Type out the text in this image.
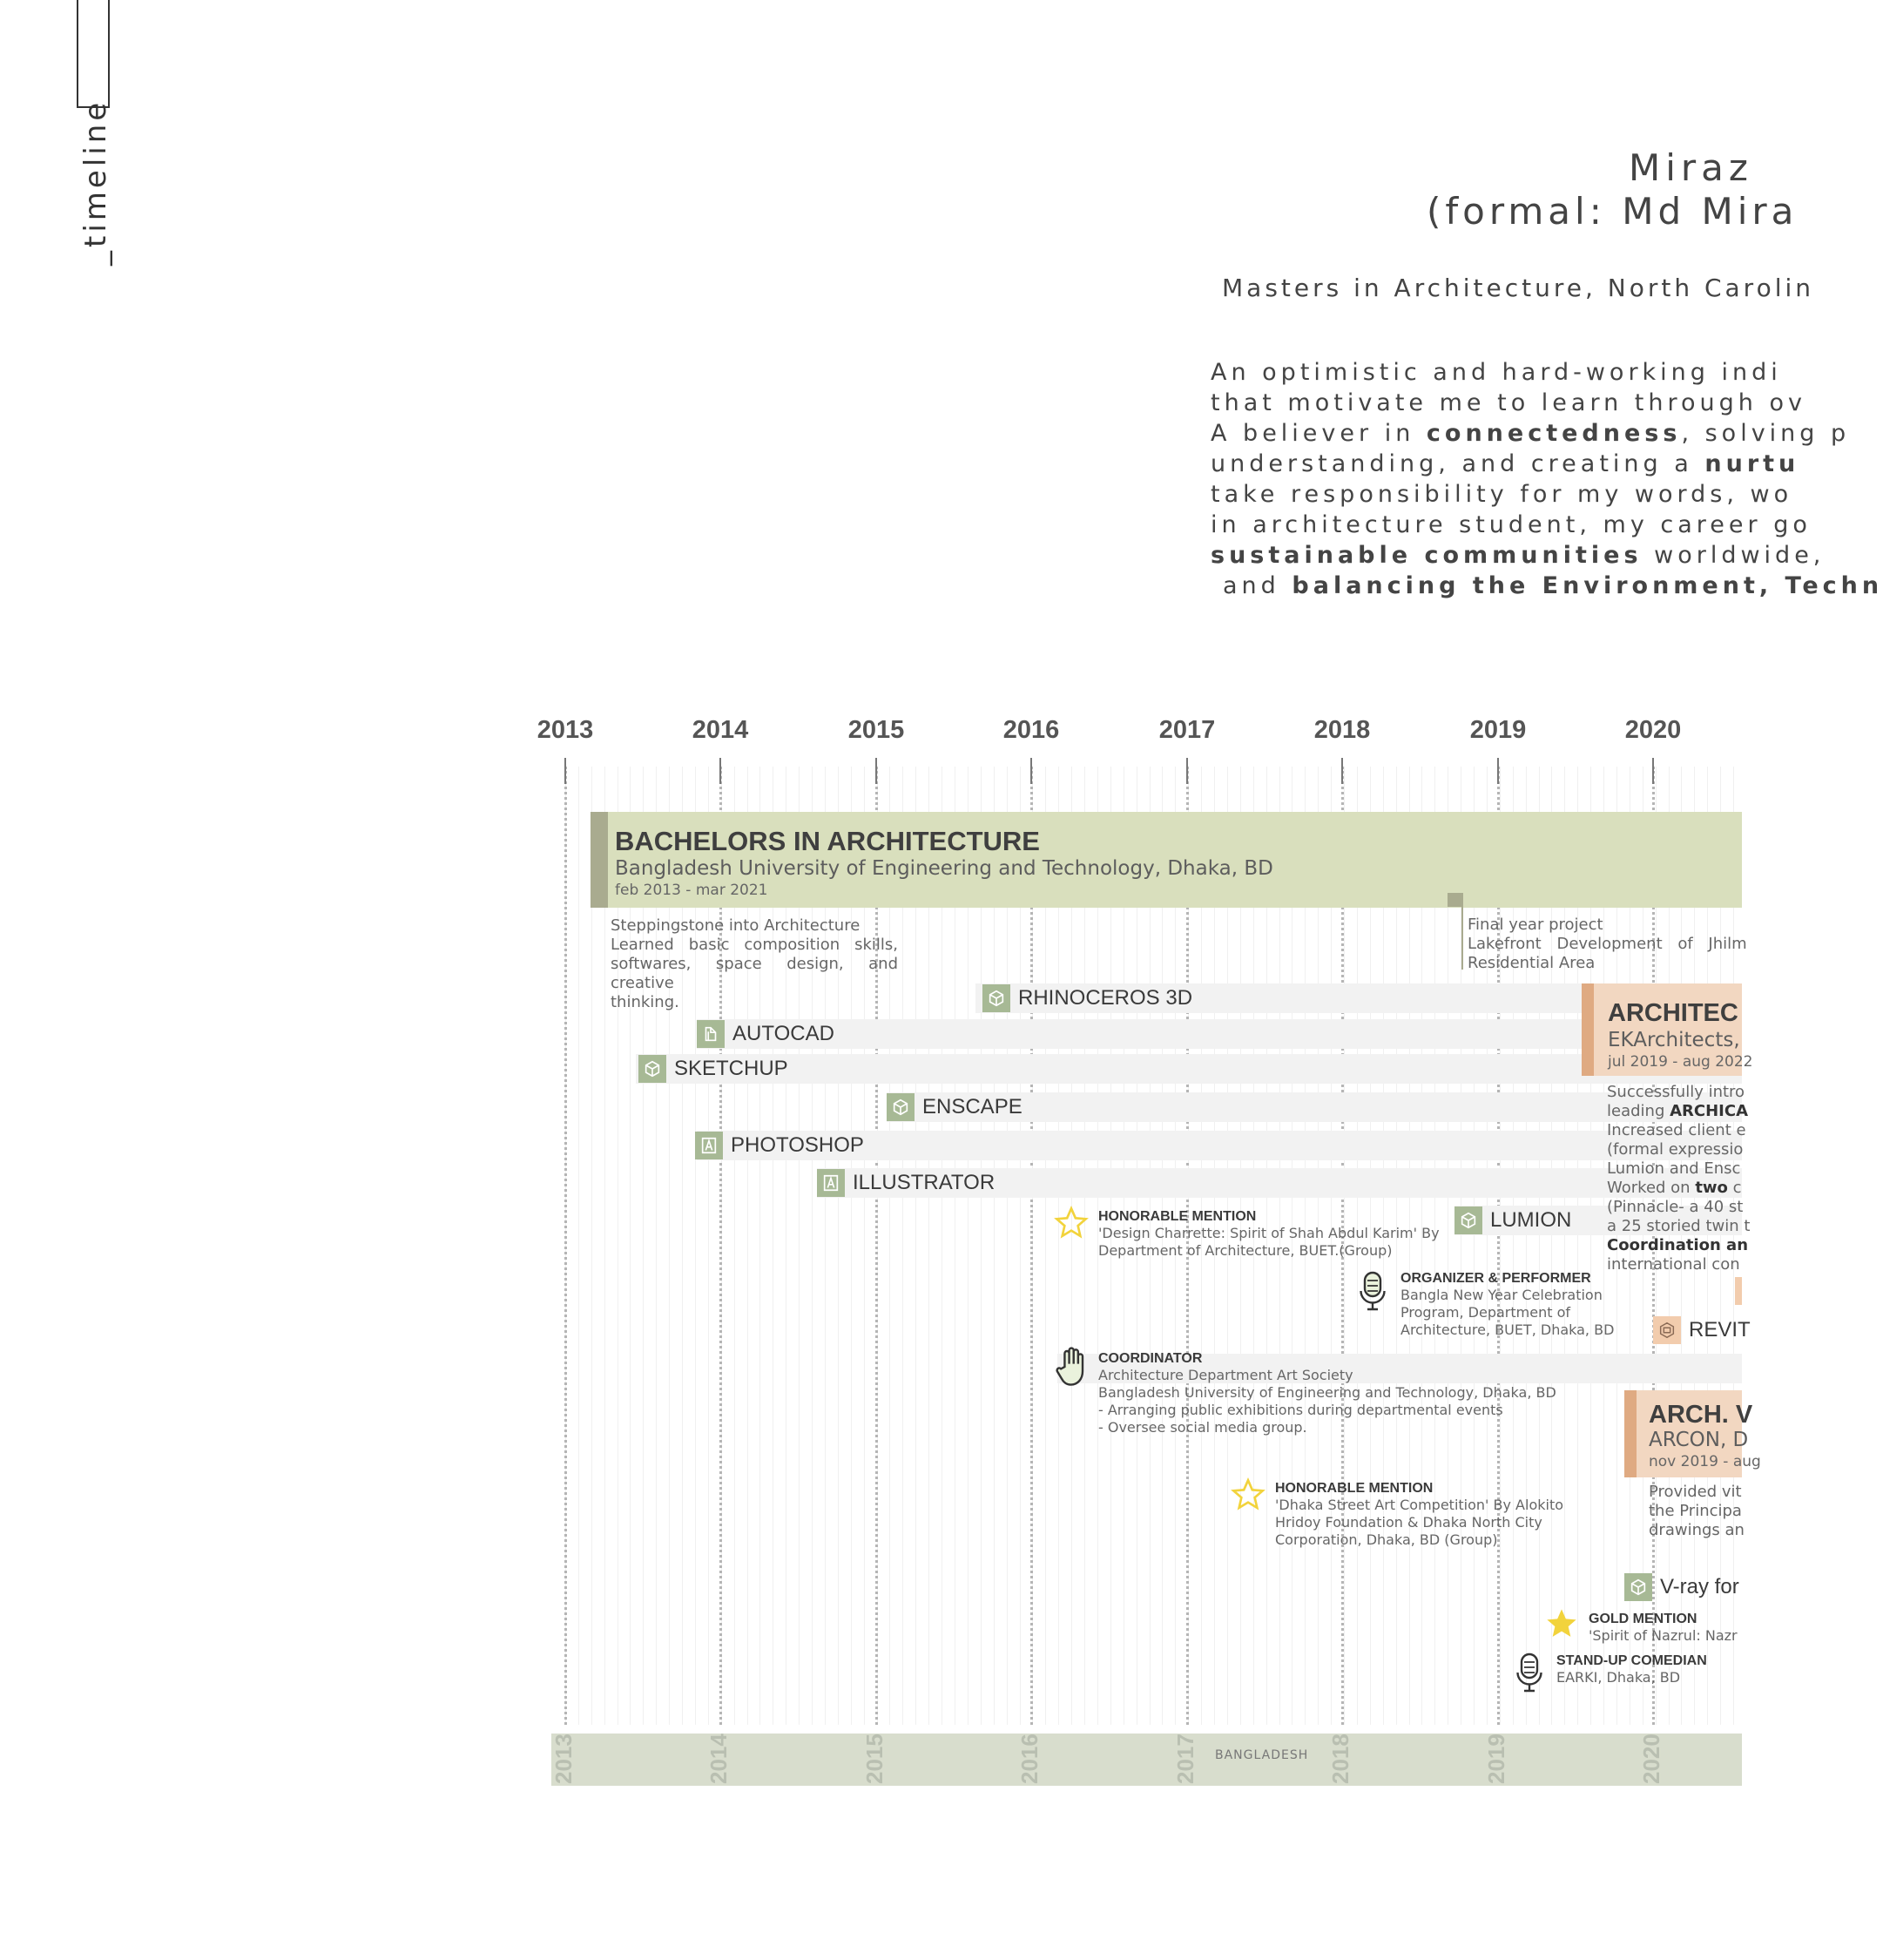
_timeline	Miraz
(formal: Md Mira
Masters in Architecture, North Carolin
An optimistic and hard-working indi
that motivate me to learn through ov
A believer in connectedness, solving p
understanding, and creating a nurtu
take responsibility for my words, wo
in architecture student, my career go
sustainable communities worldwide,
and balancing the Environment, Techn
2013	2014	2015	2016	2017	2018	2019	2020
BACHELORS IN ARCHITECTURE
Bangladesh University of Engineering and Technology, Dhaka, BD
feb 2013 - mar 2021
Steppingstone into Architecture
Learned basic composition skills,
softwares, space design, and creative
thinking.
Final year project
Lakefront Development of Jhilm
Residential Area
RHINOCEROS 3D
AUTOCAD
SKETCHUP
ENSCAPE
PHOTOSHOP
ILLUSTRATOR
LUMION
REVIT
V-ray for
ARCHITEC
EKArchitects,
jul 2019 - aug 2022
Successfully intro
leading ARCHICA
Increased client e
(formal expressio
Lumion and Ensc
Worked on two c
(Pinnacle- a 40 st
a 25 storied twin t
Coordination an
international con
ARCH. V
ARCON, D
nov 2019 - aug
Provided vit
the Principa
drawings an
HONORABLE MENTION
'Design Charrette: Spirit of Shah Abdul Karim' By
Department of Architecture, BUET.(Group)
ORGANIZER & PERFORMER
Bangla New Year Celebration
Program, Department of
Architecture, BUET, Dhaka, BD
COORDINATOR
Architecture Department Art Society
Bangladesh University of Engineering and Technology, Dhaka, BD
- Arranging public exhibitions during departmental events
- Oversee social media group.
HONORABLE MENTION
'Dhaka Street Art Competition' By Alokito
Hridoy Foundation & Dhaka North City
Corporation, Dhaka, BD (Group)
GOLD MENTION
'Spirit of Nazrul: Nazr
STAND-UP COMEDIAN
EARKI, Dhaka, BD
2013	2014	2015	2016	2017	2018	2019	2020
BANGLADESH
